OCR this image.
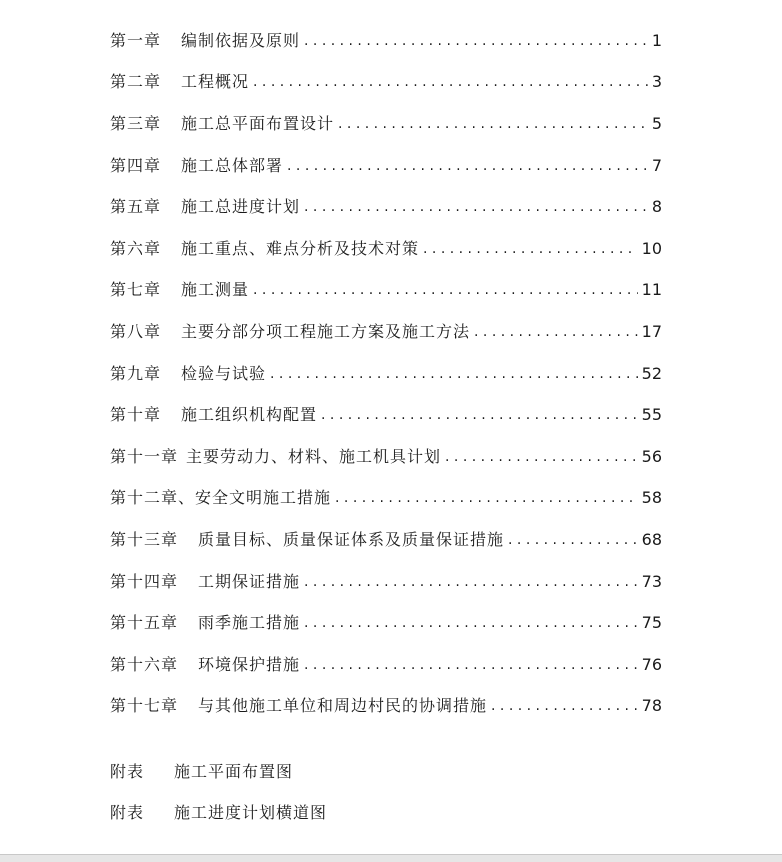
第一章 编制依据及原则 . . .	1
第二章 工程概况 . . .	3
第三章 施工总平面布置设计 . . .	5
第四章 施工总体部署 . . .	7
第五章 施工总进度计划 . . .	8
第六章 施工重点、难点分析及技术对策 . . .	10
第七章 施工测量 . . .	11
第八章 主要分部分项工程施工方案及施工方法 . . .	17
第九章 检验与试验 . . .	52
第十章 施工组织机构配置 . . .	55
第十一章 主要劳动力、材料、施工机具计划 . . .	56
第十二章、 安全文明施工措施 . . .	58
第十三章 质量目标、质量保证体系及质量保证措施 . . .	68
第十四章 工期保证措施 . . .	73
第十五章 雨季施工措施 . . .	75
第十六章 环境保护措施 . . .	76
第十七章 与其他施工单位和周边村民的协调措施 . . .	78
附表	施工平面布置图
附表	施工进度计划横道图
